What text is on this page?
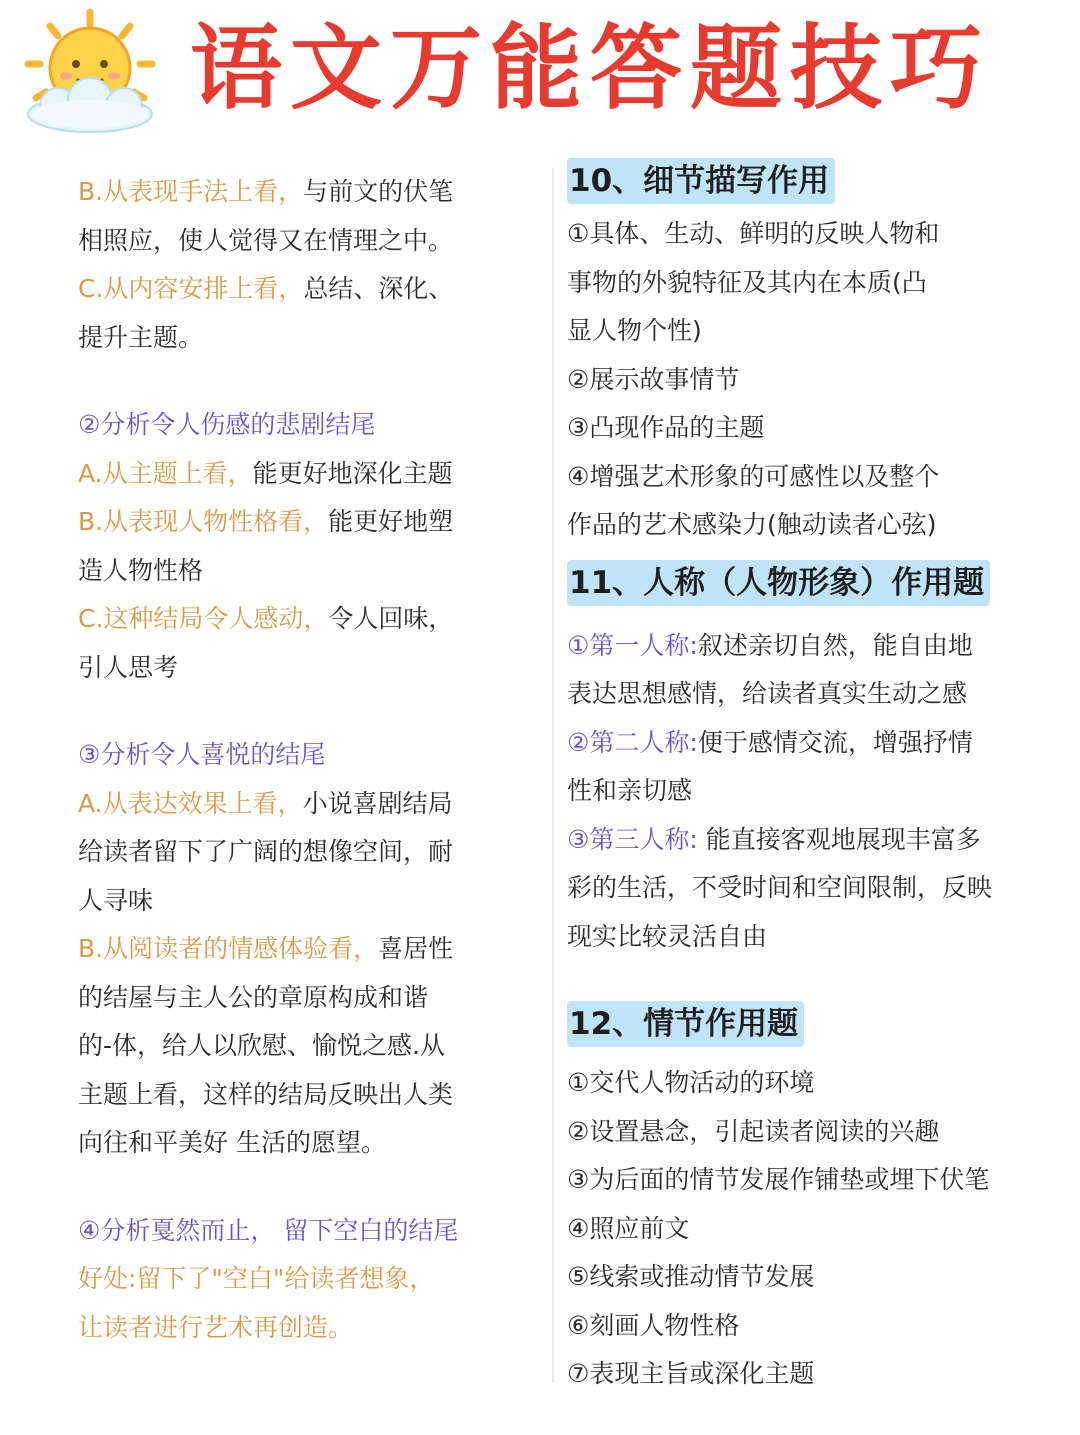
语文万能答题技巧
B.从表现手法上看，与前文的伏笔
相照应，使人觉得又在情理之中。
C.从内容安排上看，总结、深化、
提升主题。
②分析令人伤感的悲剧结尾
A.从主题上看，能更好地深化主题
B.从表现人物性格看，能更好地塑
造人物性格
C.这种结局令人感动，令人回味，
引人思考
③分析令人喜悦的结尾
A.从表达效果上看，小说喜剧结局
给读者留下了广阔的想像空间，耐
人寻味
B.从阅读者的情感体验看，喜居性
的结屋与主人公的章原构成和谐
的-体，给人以欣慰、愉悦之感.从
主题上看，这样的结局反映出人类
向往和平美好 生活的愿望。
④分析戛然而止， 留下空白的结尾
好处:留下了"空白"给读者想象，
让读者进行艺术再创造。
10、细节描写作用
①具体、生动、鲜明的反映人物和
事物的外貌特征及其内在本质(凸
显人物个性)
②展示故事情节
③凸现作品的主题
④增强艺术形象的可感性以及整个
作品的艺术感染力(触动读者心弦)
11、人称（人物形象）作用题
①第一人称:叙述亲切自然，能自由地
表达思想感情，给读者真实生动之感
②第二人称:便于感情交流，增强抒情
性和亲切感
③第三人称: 能直接客观地展现丰富多
彩的生活，不受时间和空间限制，反映
现实比较灵活自由
12、情节作用题
①交代人物活动的环境
②设置悬念，引起读者阅读的兴趣
③为后面的情节发展作铺垫或埋下伏笔
④照应前文
⑤线索或推动情节发展
⑥刻画人物性格
⑦表现主旨或深化主题
